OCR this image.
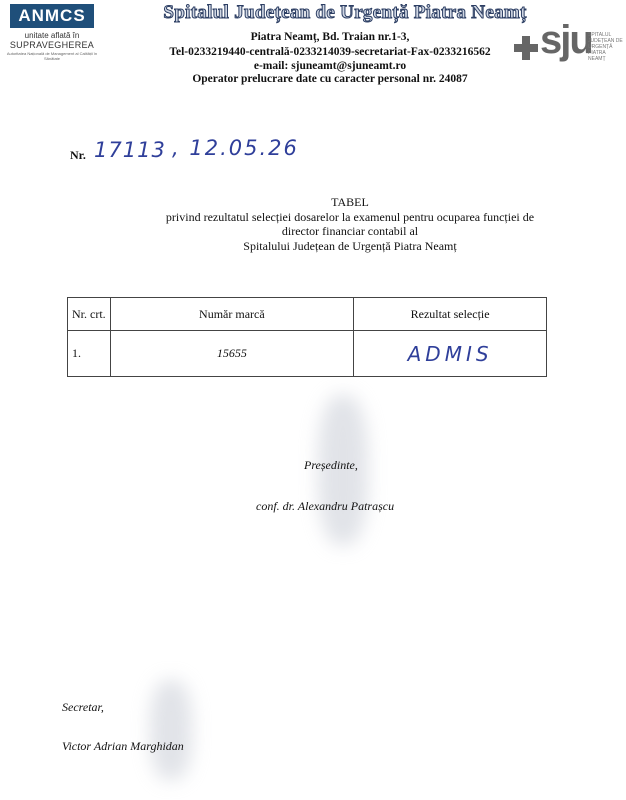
ANMCS
unitate aflată în
SUPRAVEGHEREA
Autoritatea Națională de Management al Calității în Sănătate
Spitalul Județean de Urgență Piatra Neamț
Piatra Neamț, Bd. Traian nr.1-3,
Tel-0233219440-centrală-0233214039-secretariat-Fax-0233216562
e-mail: sjuneamt@sjuneamt.ro
Operator prelucrare date cu caracter personal nr. 24087
sju
SPITALUL JUDEȚEAN DE URGENȚĂ PIATRA NEAMȚ
Nr. 17113 , 12.05.26
TABEL
privind rezultatul selecției dosarelor la examenul pentru ocuparea funcției de
director financiar contabil al
Spitalului Județean de Urgență Piatra Neamț
Nr. crt.	Număr marcă	Rezultat selecție
1.	15655	ADMIS
Președinte,
conf. dr. Alexandru Patrașcu
Secretar,
Victor Adrian Marghidan
